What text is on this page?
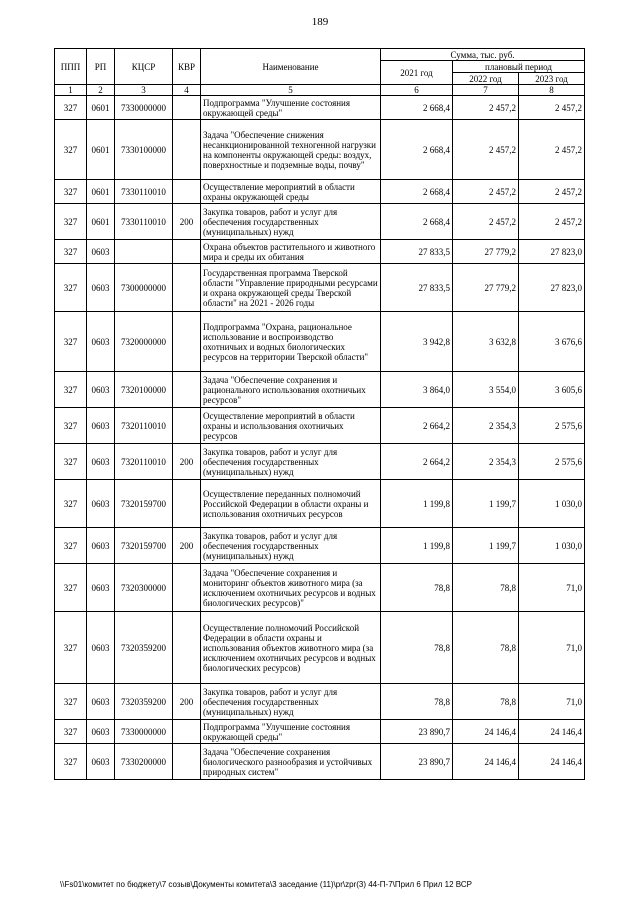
189
ППП	РП	КЦСР	КВР	Наименование	Сумма, тыс. руб.		
					2021 год	плановый период	
						2022 год	2023 год
1	2	3	4	5	6	7	8
327	0601	7330000000		Подпрограмма "Улучшение состояния окружающей среды"	2 668,4	2 457,2	2 457,2
327	0601	7330100000		Задача "Обеспечение снижения несанкционированной техногенной нагрузки на компоненты окружающей среды: воздух, поверхностные и подземные воды, почву"	2 668,4	2 457,2	2 457,2
327	0601	7330110010		Осуществление мероприятий в области охраны окружающей среды	2 668,4	2 457,2	2 457,2
327	0601	7330110010	200	Закупка товаров, работ и услуг для обеспечения государственных (муниципальных) нужд	2 668,4	2 457,2	2 457,2
327	0603			Охрана объектов растительного и животного мира и среды их обитания	27 833,5	27 779,2	27 823,0
327	0603	7300000000		Государственная программа Тверской области "Управление природными ресурсами и охрана окружающей среды Тверской области" на 2021 - 2026 годы	27 833,5	27 779,2	27 823,0
327	0603	7320000000		Подпрограмма "Охрана, рациональное использование и воспроизводство охотничьих и водных биологических ресурсов на территории Тверской области"	3 942,8	3 632,8	3 676,6
327	0603	7320100000		Задача "Обеспечение сохранения и рационального использования охотничьих ресурсов"	3 864,0	3 554,0	3 605,6
327	0603	7320110010		Осуществление мероприятий в области охраны и использования охотничьих ресурсов	2 664,2	2 354,3	2 575,6
327	0603	7320110010	200	Закупка товаров, работ и услуг для обеспечения государственных (муниципальных) нужд	2 664,2	2 354,3	2 575,6
327	0603	7320159700		Осуществление переданных полномочий Российской Федерации в области охраны и использования охотничьих ресурсов	1 199,8	1 199,7	1 030,0
327	0603	7320159700	200	Закупка товаров, работ и услуг для обеспечения государственных (муниципальных) нужд	1 199,8	1 199,7	1 030,0
327	0603	7320300000		Задача "Обеспечение сохранения и мониторинг объектов животного мира (за исключением охотничьих ресурсов и водных биологических ресурсов)"	78,8	78,8	71,0
327	0603	7320359200		Осуществление полномочий Российской Федерации в области охраны и использования объектов животного мира (за исключением охотничьих ресурсов и водных биологических ресурсов)	78,8	78,8	71,0
327	0603	7320359200	200	Закупка товаров, работ и услуг для обеспечения государственных (муниципальных) нужд	78,8	78,8	71,0
327	0603	7330000000		Подпрограмма "Улучшение состояния окружающей среды"	23 890,7	24 146,4	24 146,4
327	0603	7330200000		Задача "Обеспечение сохранения биологического разнообразия и устойчивых природных систем"	23 890,7	24 146,4	24 146,4
\\Fs01\комитет по бюджету\7 созыв\Документы комитета\3 заседание (11)\pr\zpr(3) 44-П-7\Прил 6 Прил 12 ВСР
